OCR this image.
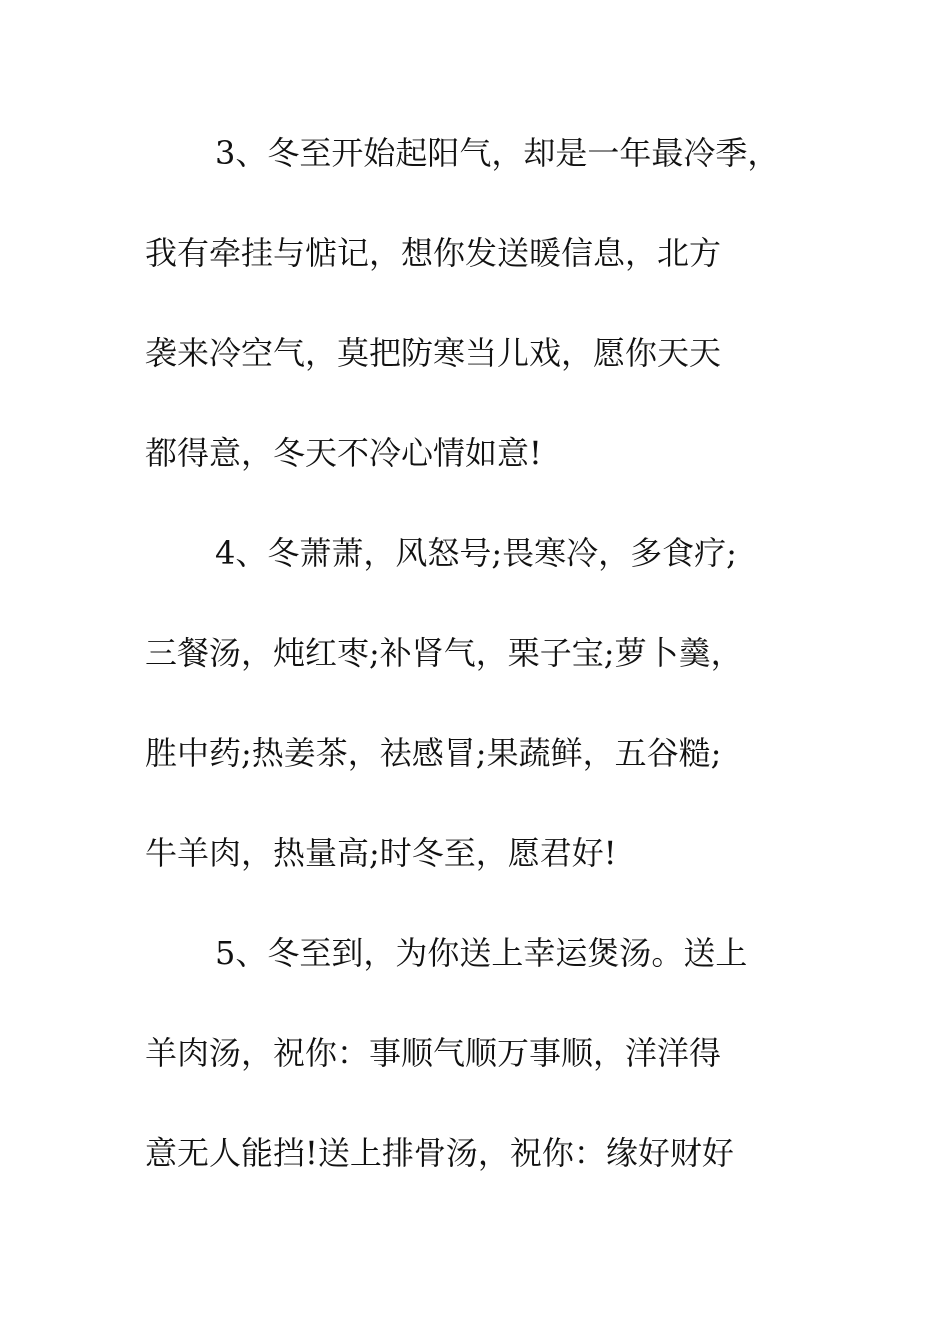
3、冬至开始起阳气，却是一年最冷季，
我有牵挂与惦记，想你发送暖信息，北方
袭来冷空气，莫把防寒当儿戏，愿你天天
都得意，冬天不冷心情如意!
4、冬萧萧，风怒号;畏寒冷，多食疗;
三餐汤，炖红枣;补肾气，栗子宝;萝卜羹，
胜中药;热姜茶，祛感冒;果蔬鲜，五谷糙;
牛羊肉，热量高;时冬至，愿君好!
5、冬至到，为你送上幸运煲汤。送上
羊肉汤，祝你：事顺气顺万事顺，洋洋得
意无人能挡!送上排骨汤，祝你：缘好财好
